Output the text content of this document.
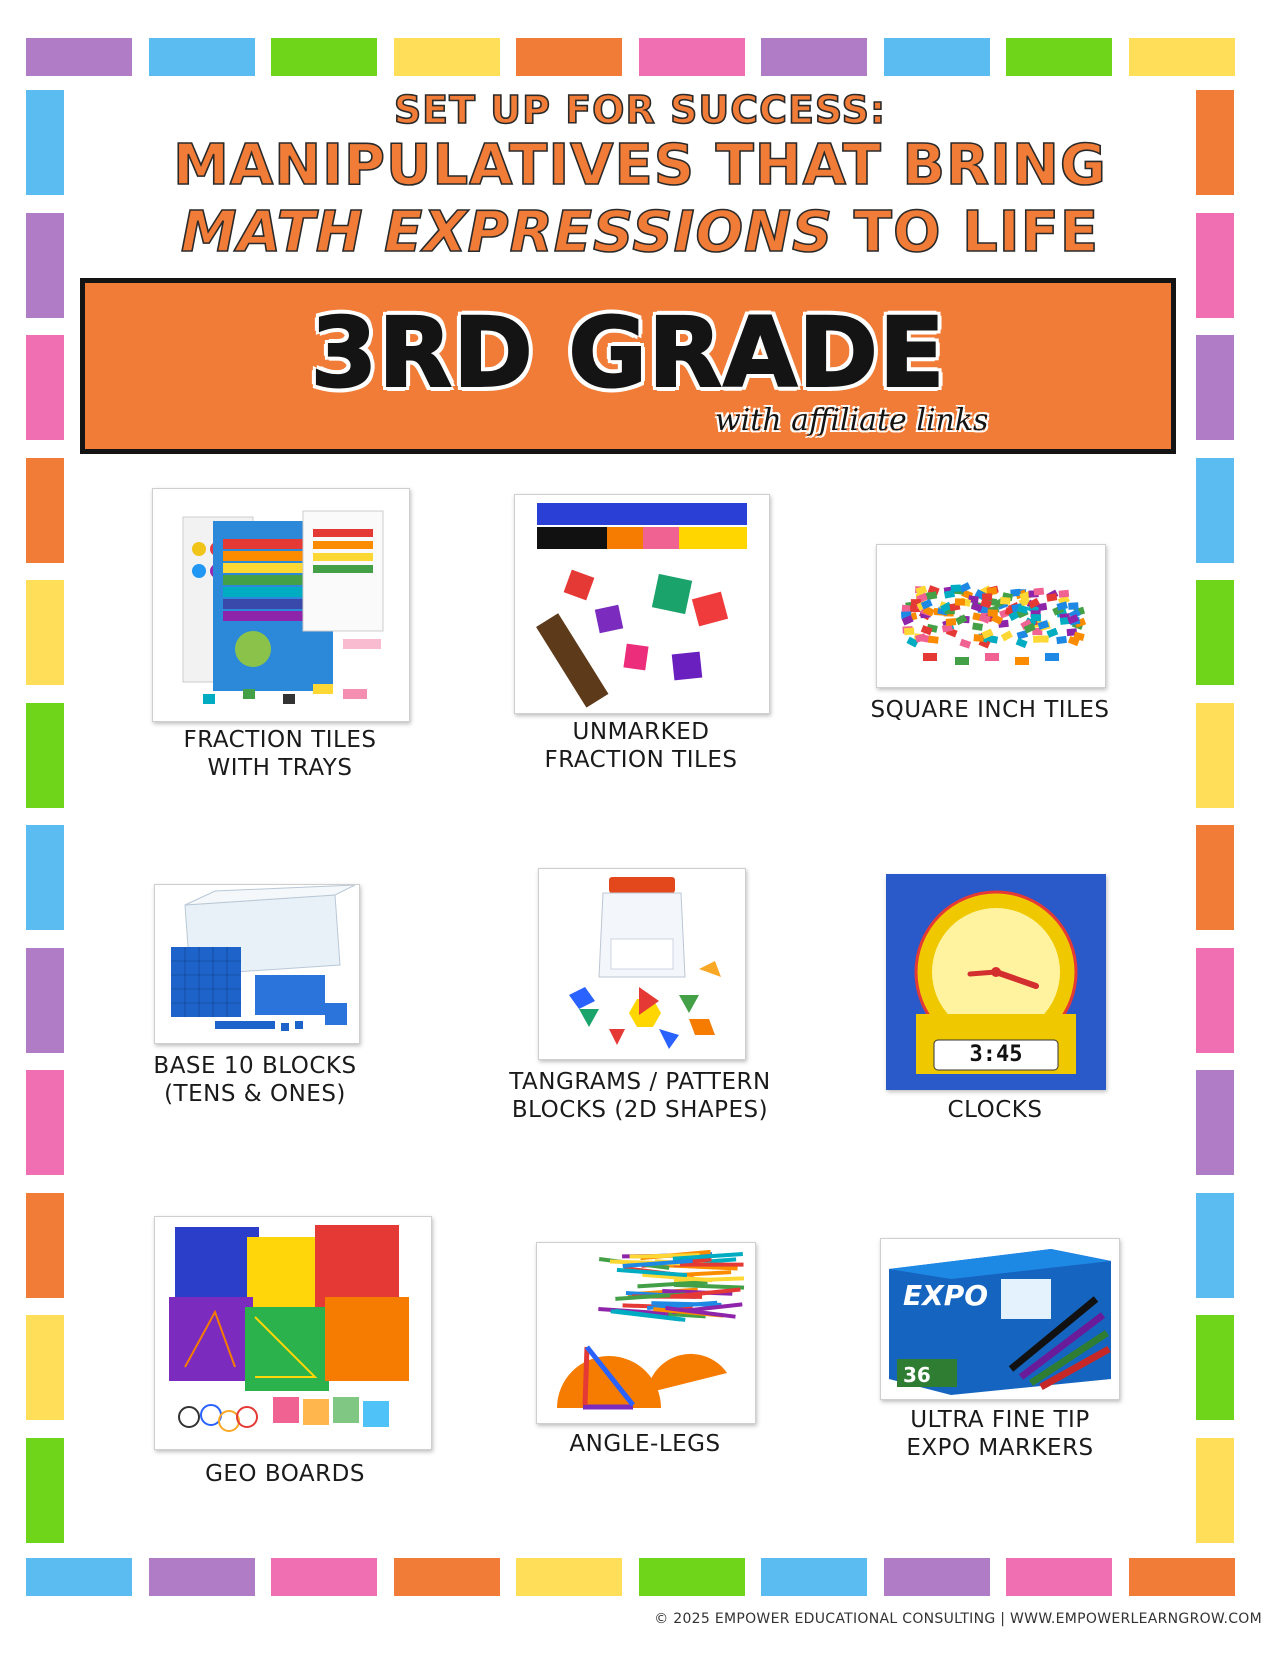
SET UP FOR SUCCESS:
MANIPULATIVES THAT BRING
MATH EXPRESSIONS TO LIFE
3RD GRADE
with affiliate links
FRACTION TILES
WITH TRAYS
UNMARKED
FRACTION TILES
SQUARE INCH TILES
BASE 10 BLOCKS
(TENS & ONES)	TANGRAMS / PATTERN
BLOCKS (2D SHAPES)
3:45
CLOCKS
GEO BOARDS
ANGLE-LEGS
EXPO
36
ULTRA FINE TIP
EXPO MARKERS
© 2025 EMPOWER EDUCATIONAL CONSULTING | WWW.EMPOWERLEARNGROW.COM
